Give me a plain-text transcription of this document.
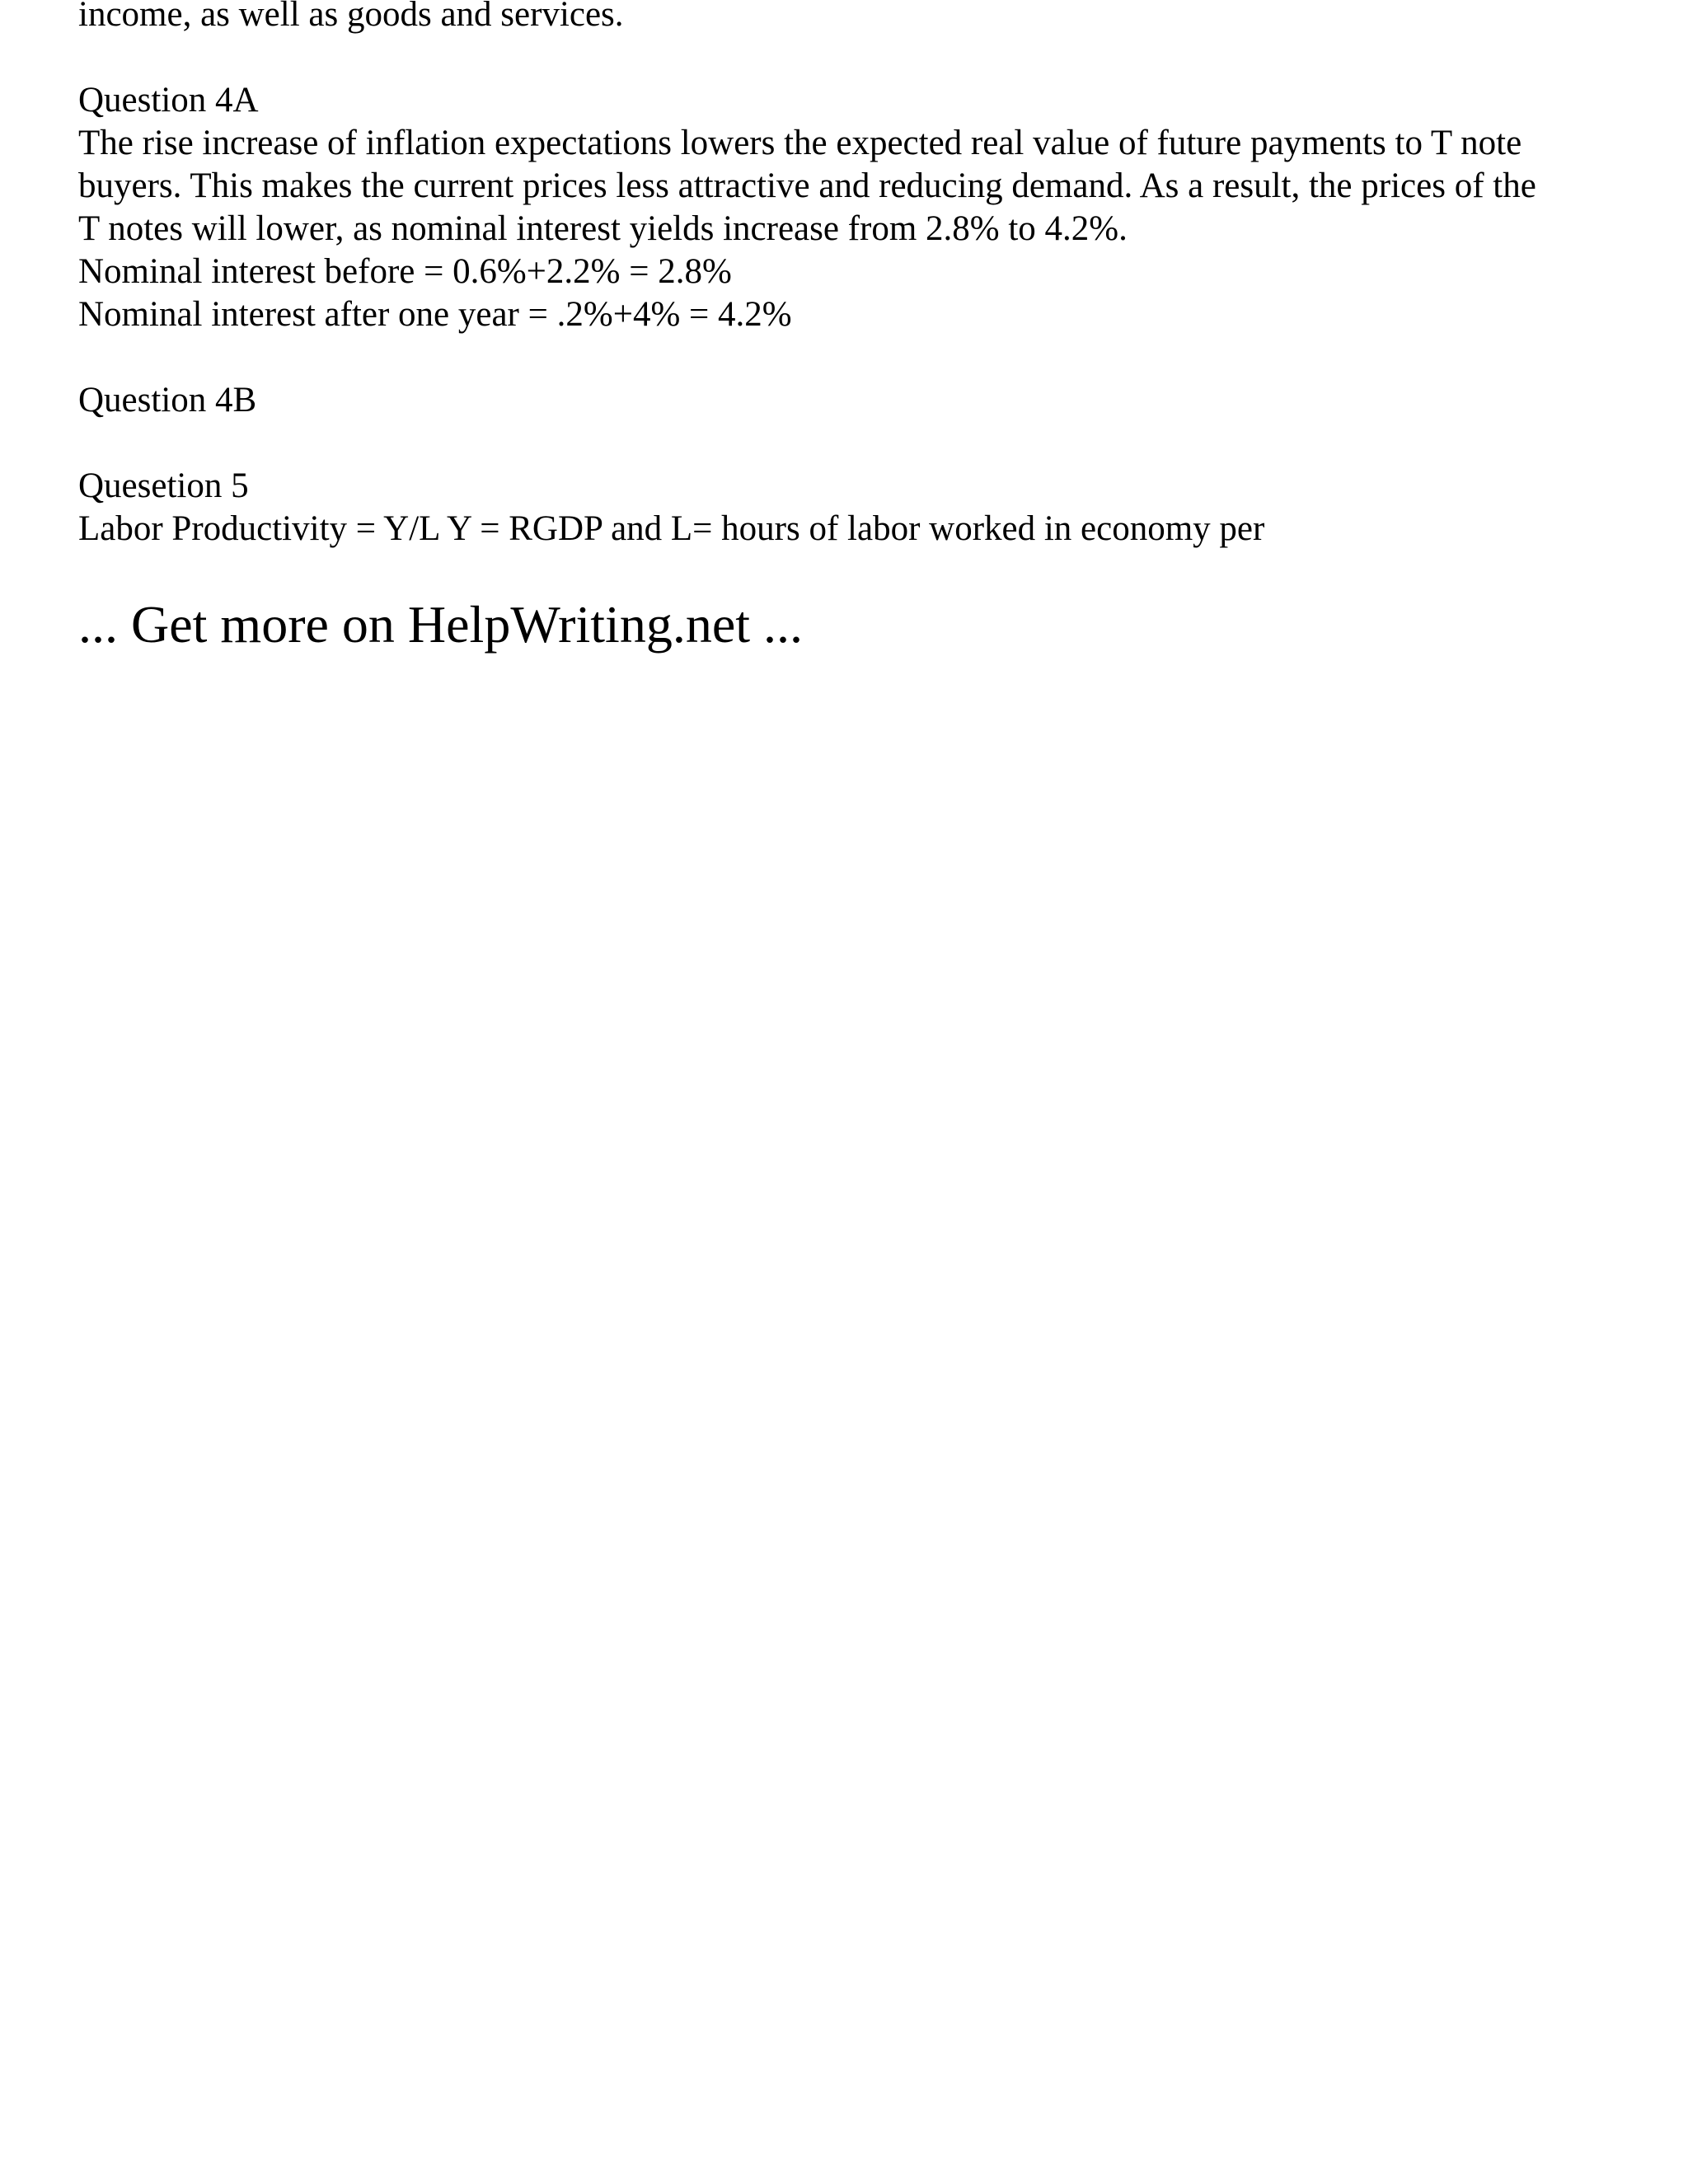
income, as well as goods and services.

Question 4A

The rise increase of inflation expectations lowers the expected real value of future payments to T note

buyers. This makes the current prices less attractive and reducing demand. As a result, the prices of the

T notes will lower, as nominal interest yields increase from 2.8% to 4.2%.

Nominal interest before = 0.6%+2.2% = 2.8%

Nominal interest after one year = .2%+4% = 4.2%

Question 4B

Quesetion 5

Labor Productivity = Y/L Y = RGDP and L= hours of labor worked in economy per

... Get more on HelpWriting.net ...
